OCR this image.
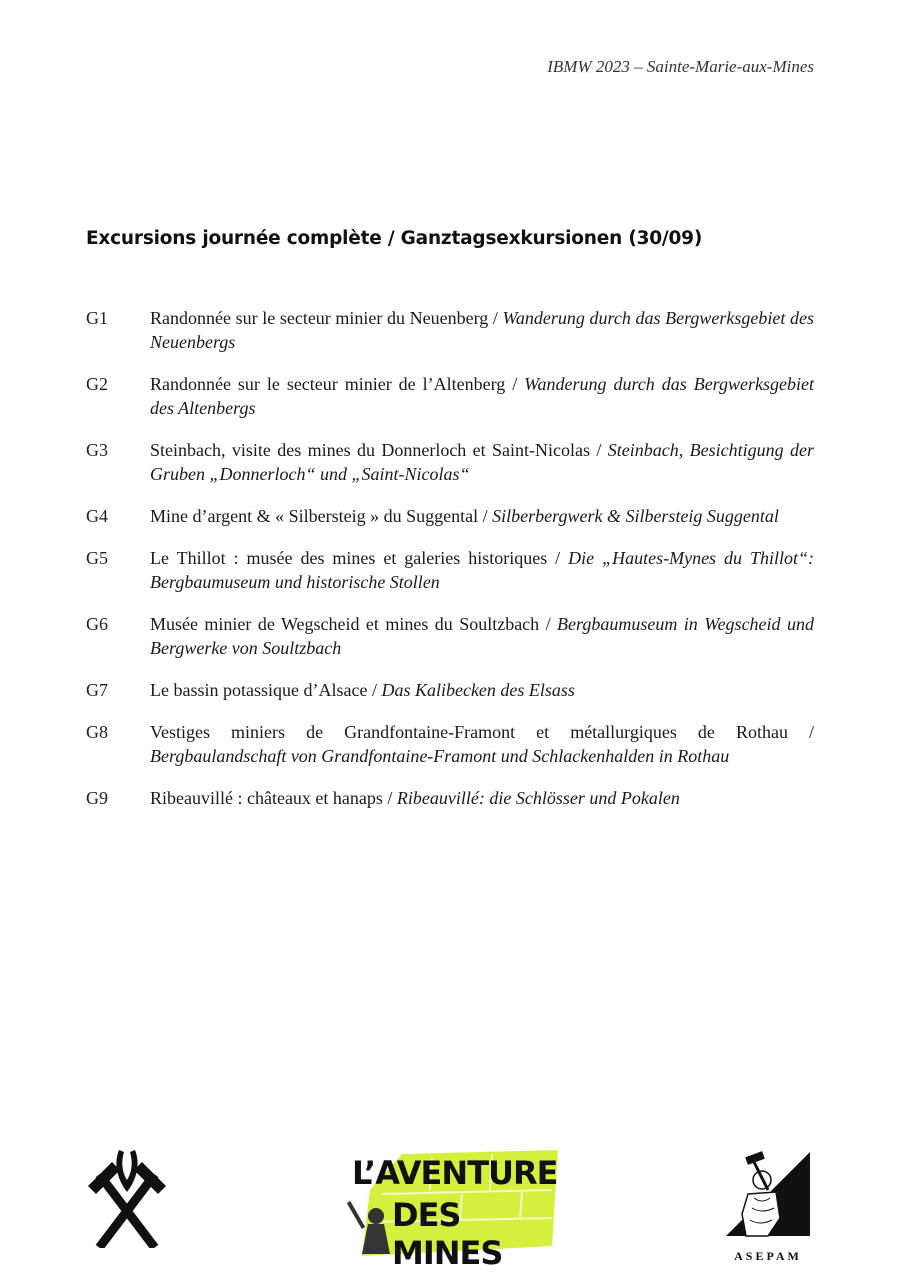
IBMW 2023 – Sainte-Marie-aux-Mines
Excursions journée complète / Ganztagsexkursionen (30/09)
G1	Randonnée sur le secteur minier du Neuenberg / Wanderung durch das Bergwerksgebiet des Neuenbergs
G2	Randonnée sur le secteur minier de l’Altenberg / Wanderung durch das Bergwerksgebiet des Altenbergs
G3	Steinbach, visite des mines du Donnerloch et Saint-Nicolas / Steinbach, Besichtigung der Gruben „Donnerloch“ und „Saint-Nicolas“
G4	Mine d’argent & « Silbersteig » du Suggental / Silberbergwerk & Silbersteig Suggental
G5	Le Thillot : musée des mines et galeries historiques / Die „Hautes-Mynes du Thillot“: Bergbaumuseum und historische Stollen
G6	Musée minier de Wegscheid et mines du Soultzbach / Bergbaumuseum in Wegscheid und Bergwerke von Soultzbach
G7	Le bassin potassique d’Alsace / Das Kalibecken des Elsass
G8	Vestiges miniers de Grandfontaine-Framont et métallurgiques de Rothau / Bergbaulandschaft von Grandfontaine-Framont und Schlackenhalden in Rothau
G9	Ribeauvillé : châteaux et hanaps / Ribeauvillé: die Schlösser und Pokalen
L’AVENTURE
DES MINES	ASEPAM
